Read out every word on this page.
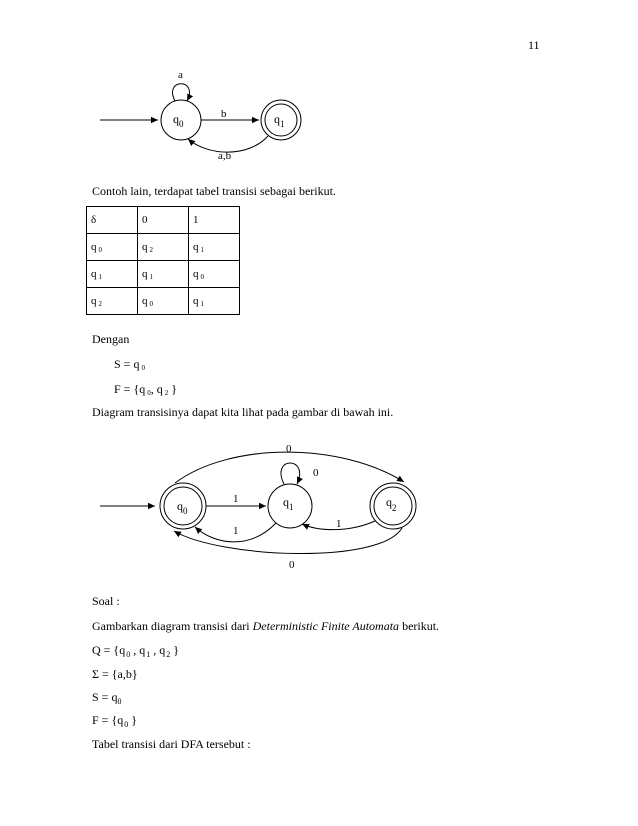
11
$q_0$	$q_1$
a
b
a,b
Contoh lain, terdapat tabel transisi sebagai berikut.
δ	0	1
q $_0$	q $_2$	q $_1$
q $_1$	q $_1$	q $_0$
q $_2$	q $_0$	q $_1$
Dengan
S = q $_0$
F = {q $_0$, q $_2$ }
Diagram transisinya dapat kita lihat pada gambar di bawah ini.
$q_0$
$q_1$	$q_2$
0
0
1
1
1
0
Soal :
Gambarkan diagram transisi dari Deterministic Finite Automata berikut.
$Q = \{q_0$ , $q_1$ , $q_2$ }
Σ = {a,b}
$S = q_0$
$F = \{q_0$ }
Tabel transisi dari DFA tersebut :
